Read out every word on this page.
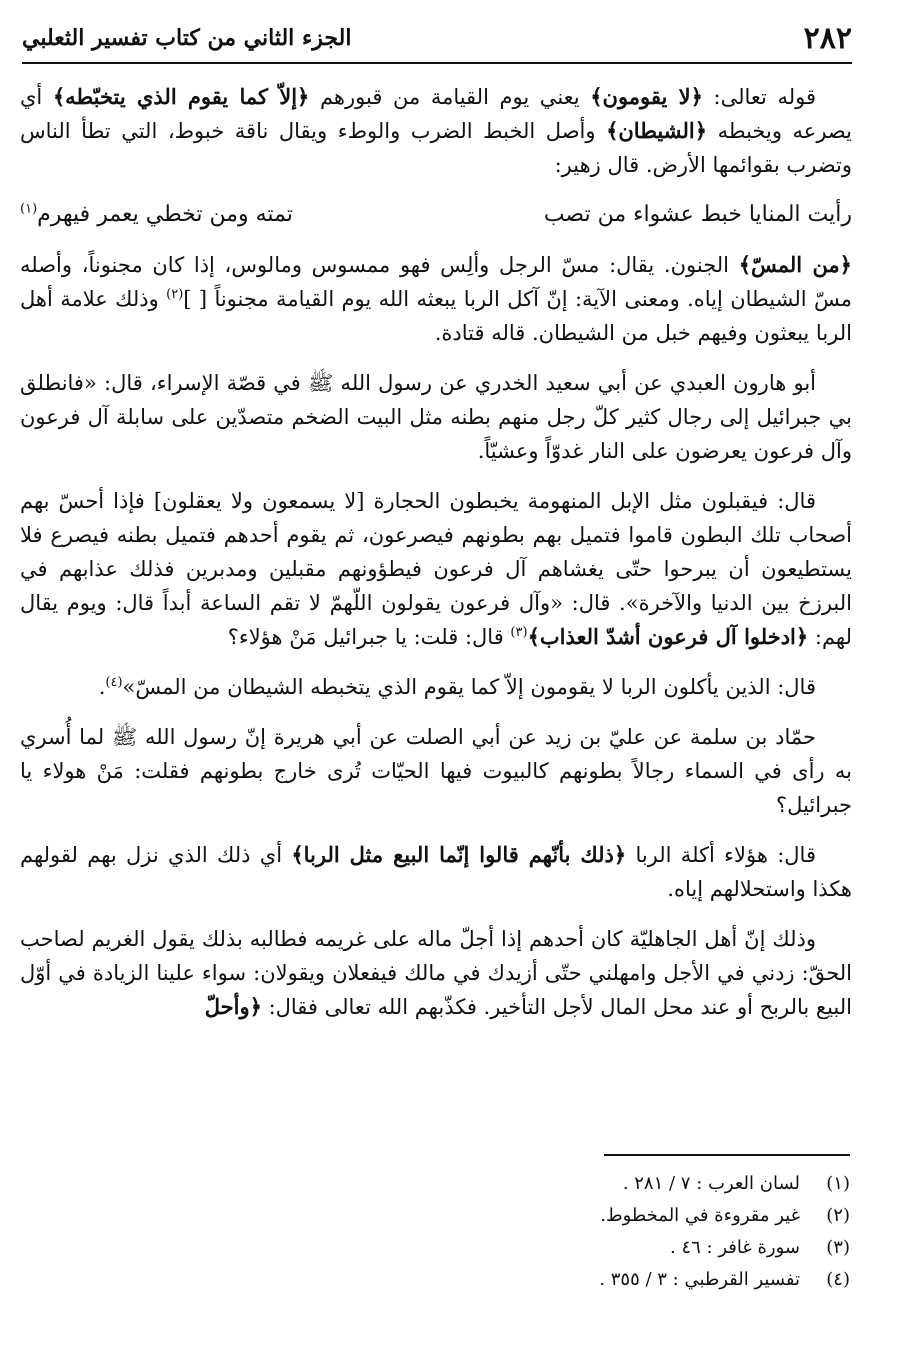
٢٨٢
الجزء الثاني من كتاب تفسير الثعلبي

قوله تعالى: ﴿لا يقومون﴾ يعني يوم القيامة من قبورهم ﴿إلاّ كما يقوم الذي يتخبّطه﴾ أي يصرعه ويخبطه ﴿الشيطان﴾ وأصل الخبط الضرب والوطء ويقال ناقة خبوط، التي تطأ الناس وتضرب بقوائمها الأرض. قال زهير:

رأيت المنايا خبط عشواء من تصب
تمته ومن تخطي يعمر فيهرم$^{(١)}$

﴿من المسّ﴾ الجنون. يقال: مسّ الرجل وألِس فهو ممسوس ومالوس، إذا كان مجنوناً، وأصله مسّ الشيطان إياه. ومعنى الآية: إنّ آكل الربا يبعثه الله يوم القيامة مجنوناً [ ]$^{(٢)}$ وذلك علامة أهل الربا يبعثون وفيهم خبل من الشيطان. قاله قتادة.

أبو هارون العبدي عن أبي سعيد الخدري عن رسول الله ﷺ في قصّة الإسراء، قال: «فانطلق بي جبرائيل إلى رجال كثير كلّ رجل منهم بطنه مثل البيت الضخم متصدّين على سابلة آل فرعون وآل فرعون يعرضون على النار غدوّاً وعشيّاً.

قال: فيقبلون مثل الإبل المنهومة يخبطون الحجارة [لا يسمعون ولا يعقلون] فإذا أحسّ بهم أصحاب تلك البطون قاموا فتميل بهم بطونهم فيصرعون، ثم يقوم أحدهم فتميل بطنه فيصرع فلا يستطيعون أن يبرحوا حتّى يغشاهم آل فرعون فيطؤونهم مقبلين ومدبرين فذلك عذابهم في البرزخ بين الدنيا والآخرة». قال: «وآل فرعون يقولون اللّهمّ لا تقم الساعة أبداً قال: ويوم يقال لهم: ﴿ادخلوا آل فرعون أشدّ العذاب﴾$^{(٣)}$ قال: قلت: يا جبرائيل مَنْ هؤلاء؟

قال: الذين يأكلون الربا لا يقومون إلاّ كما يقوم الذي يتخبطه الشيطان من المسّ»$^{(٤)}$.

حمّاد بن سلمة عن عليّ بن زيد عن أبي الصلت عن أبي هريرة إنّ رسول الله ﷺ لما أُسري به رأى في السماء رجالاً بطونهم كالبيوت فيها الحيّات تُرى خارج بطونهم فقلت: مَنْ هولاء يا جبرائيل؟

قال: هؤلاء أكلة الربا ﴿ذلك بأنّهم قالوا إنّما البيع مثل الربا﴾ أي ذلك الذي نزل بهم لقولهم هكذا واستحلالهم إياه.

وذلك إنّ أهل الجاهليّة كان أحدهم إذا أجلّ ماله على غريمه فطالبه بذلك يقول الغريم لصاحب الحقّ: زدني في الأجل وامهلني حتّى أزيدك في مالك فيفعلان ويقولان: سواء علينا الزيادة في أوّل البيع بالربح أو عند محل المال لأجل التأخير. فكذّبهم الله تعالى فقال: ﴿وأحلّ

(١)
لسان العرب : ٧ / ٢٨١ .
(٢)
غير مقروءة في المخطوط.
(٣)
سورة غافر : ٤٦ .
(٤)
تفسير القرطبي : ٣ / ٣٥٥ .
